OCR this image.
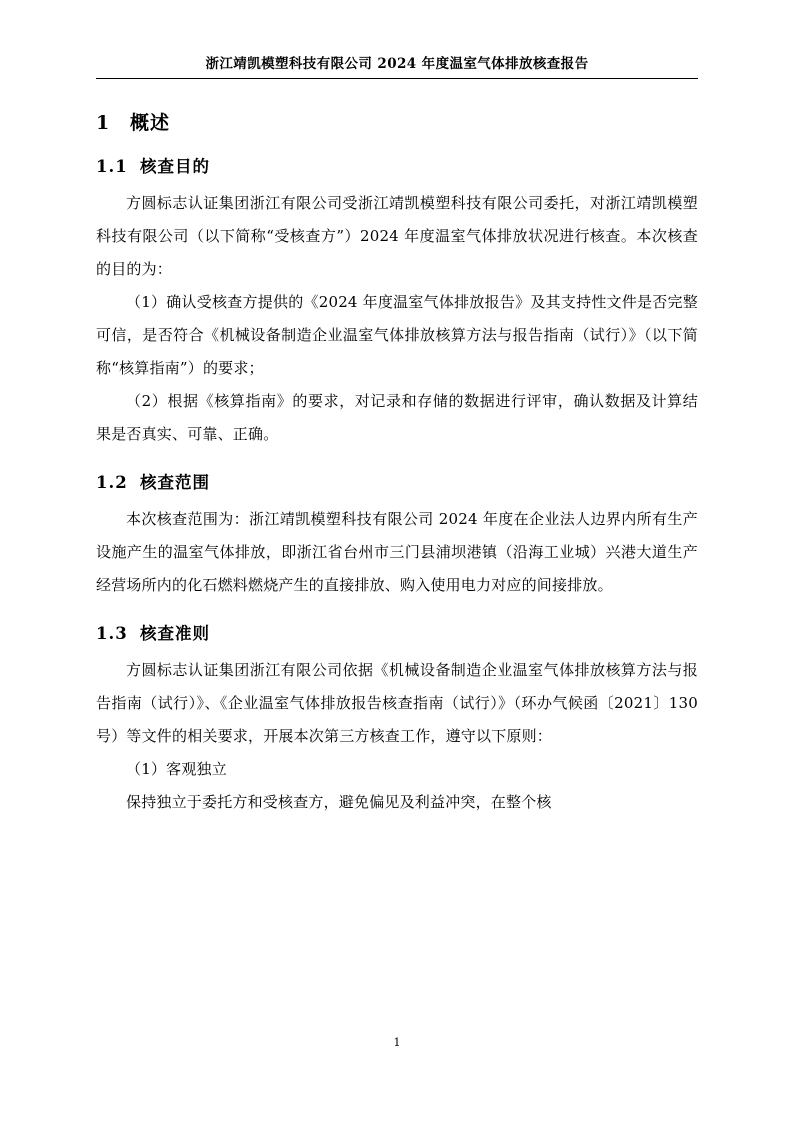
浙江靖凯模塑科技有限公司 2024 年度温室气体排放核查报告
1 概述
1.1 核查目的

方圆标志认证集团浙江有限公司受浙江靖凯模塑科技有限公司委托，对浙江靖凯模塑科技有限公司（以下简称“受核查方”）2024 年度温室气体排放状况进行核查。本次核查的目的为：

（1）确认受核查方提供的《2024 年度温室气体排放报告》及其支持性文件是否完整可信，是否符合《机械设备制造企业温室气体排放核算方法与报告指南（试行）》（以下简称“核算指南”）的要求；

（2）根据《核算指南》的要求，对记录和存储的数据进行评审，确认数据及计算结果是否真实、可靠、正确。

1.2 核查范围

本次核查范围为：浙江靖凯模塑科技有限公司 2024 年度在企业法人边界内所有生产设施产生的温室气体排放，即浙江省台州市三门县浦坝港镇（沿海工业城）兴港大道生产经营场所内的化石燃料燃烧产生的直接排放、购入使用电力对应的间接排放。

1.3 核查准则

方圆标志认证集团浙江有限公司依据《机械设备制造企业温室气体排放核算方法与报告指南（试行）》、《企业温室气体排放报告核查指南（试行）》（环办气候函〔2021〕130 号）等文件的相关要求，开展本次第三方核查工作，遵守以下原则：

（1）客观独立

保持独立于委托方和受核查方，避免偏见及利益冲突，在整个核

1
